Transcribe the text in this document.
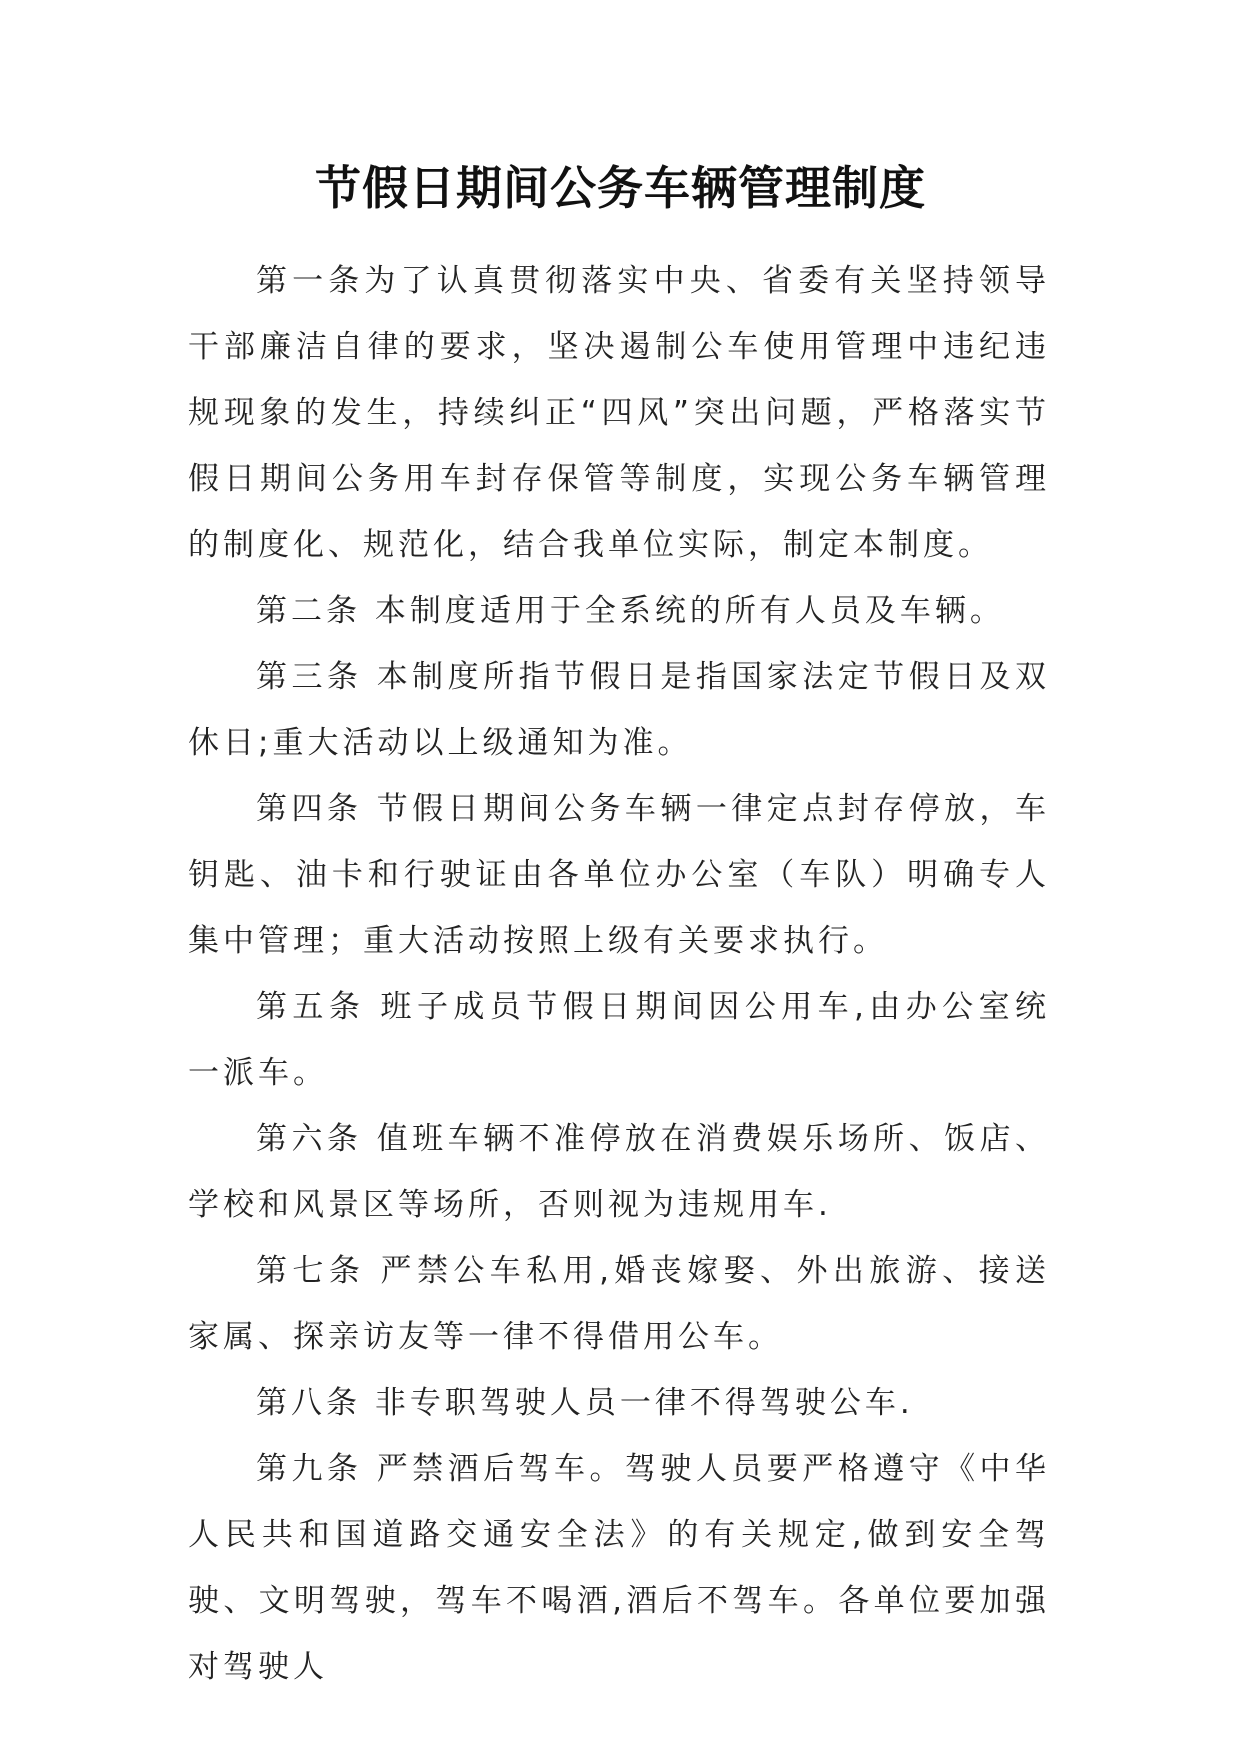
节假日期间公务车辆管理制度

第一条为了认真贯彻落实中央、省委有关坚持领导干部廉洁自律的要求，坚决遏制公车使用管理中违纪违规现象的发生，持续纠正“四风”突出问题，严格落实节假日期间公务用车封存保管等制度，实现公务车辆管理的制度化、规范化，结合我单位实际，制定本制度。

第二条 本制度适用于全系统的所有人员及车辆。

第三条 本制度所指节假日是指国家法定节假日及双休日;重大活动以上级通知为准。

第四条 节假日期间公务车辆一律定点封存停放，车钥匙、油卡和行驶证由各单位办公室（车队）明确专人集中管理；重大活动按照上级有关要求执行。

第五条 班子成员节假日期间因公用车,由办公室统一派车。

第六条 值班车辆不准停放在消费娱乐场所、饭店、学校和风景区等场所，否则视为违规用车.

第七条 严禁公车私用,婚丧嫁娶、外出旅游、接送家属、探亲访友等一律不得借用公车。

第八条 非专职驾驶人员一律不得驾驶公车.

第九条 严禁酒后驾车。驾驶人员要严格遵守《中华人民共和国道路交通安全法》的有关规定,做到安全驾驶、文明驾驶，驾车不喝酒,酒后不驾车。各单位要加强对驾驶人
